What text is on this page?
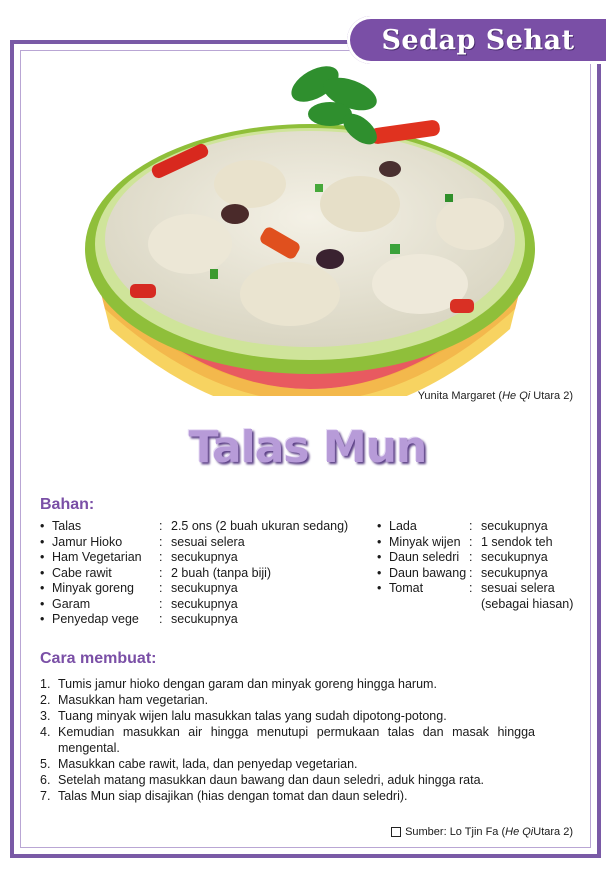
Sedap Sehat
Yunita Margaret (He Qi Utara 2)
Talas Mun
Bahan:
• Talas	: 2.5 ons (2 buah ukuran sedang)
• Jamur Hioko	: sesuai selera
• Ham Vegetarian	: secukupnya
• Cabe rawit	: 2 buah (tanpa biji)
• Minyak goreng	: secukupnya
• Garam	: secukupnya
• Penyedap vege	: secukupnya
• Lada	: secukupnya
• Minyak wijen : 1 sendok teh
• Daun seledri : secukupnya
• Daun bawang : secukupnya
• Tomat	: sesuai selera
(sebagai hiasan)
Cara membuat:
1. Tumis jamur hioko dengan garam dan minyak goreng hingga harum.
2. Masukkan ham vegetarian.
3. Tuang minyak wijen lalu masukkan talas yang sudah dipotong-potong.
4. Kemudian masukkan air hingga menutupi permukaan talas dan masak hingga mengental.
5. Masukkan cabe rawit, lada, dan penyedap vegetarian.
6. Setelah matang masukkan daun bawang dan daun seledri, aduk hingga rata.
7. Talas Mun siap disajikan (hias dengan tomat dan daun seledri).
Sumber: Lo Tjin Fa ( He Qi Utara 2)
